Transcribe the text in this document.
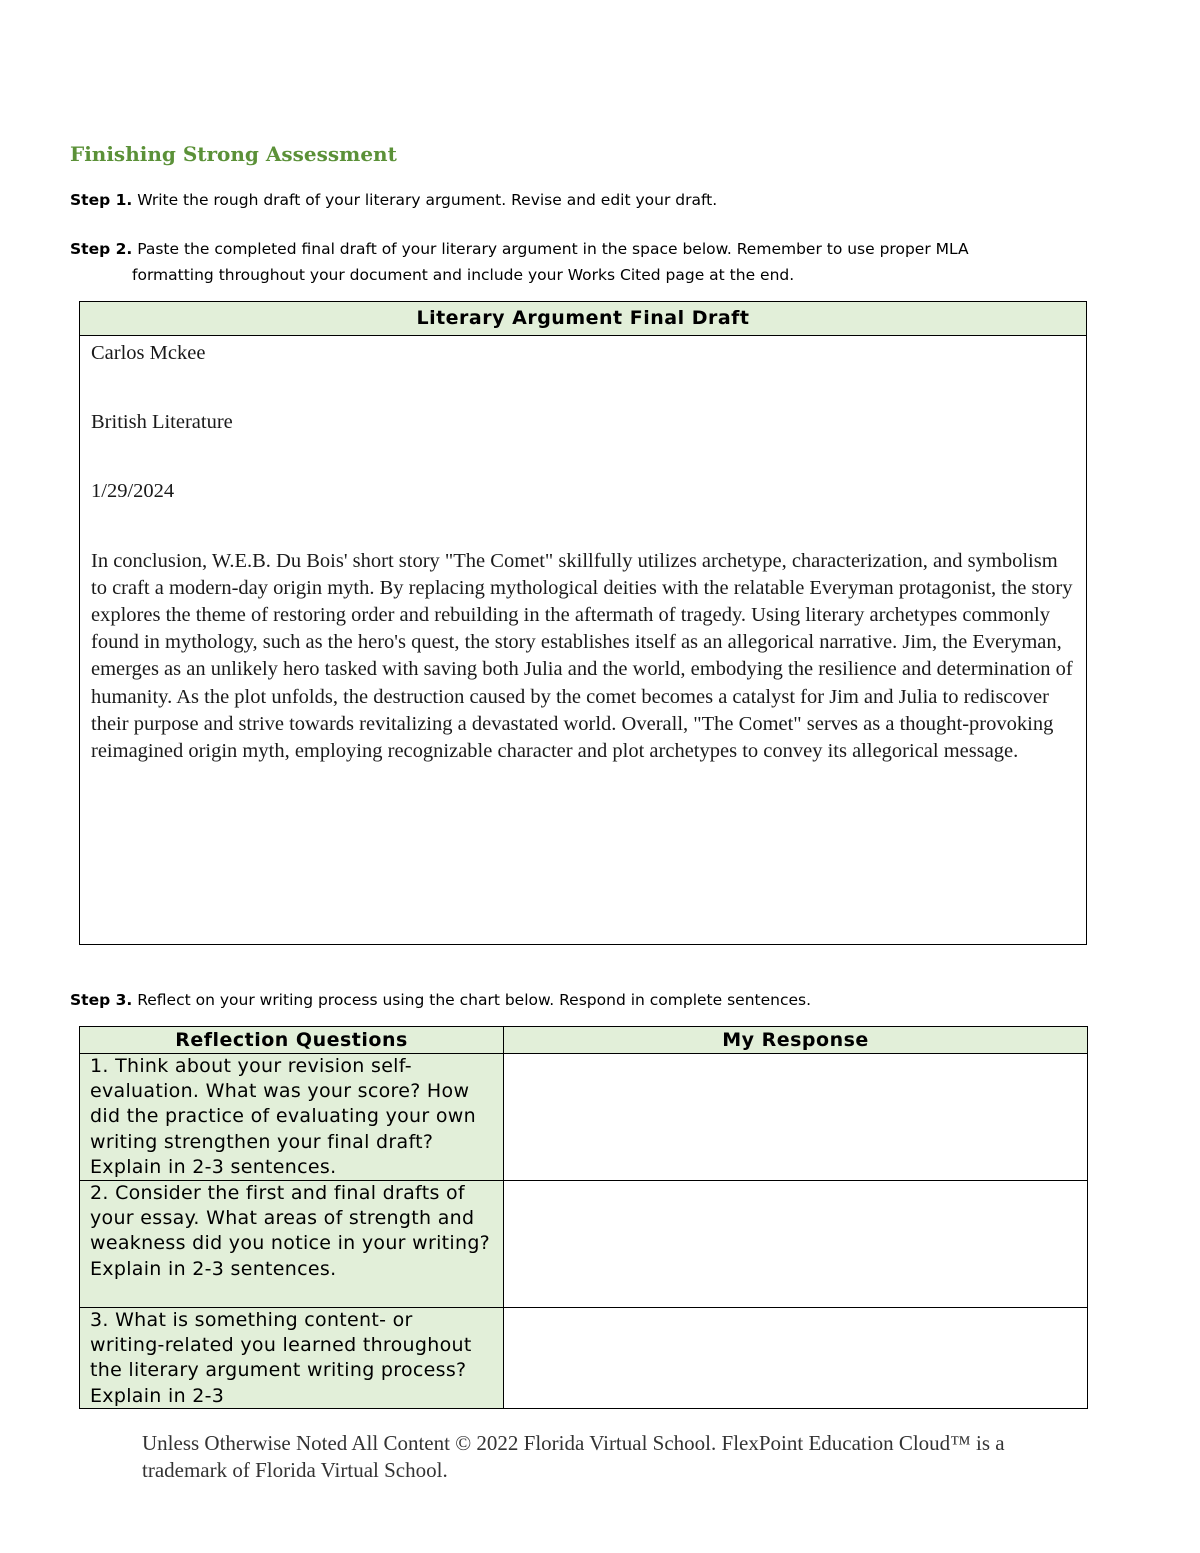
Finishing Strong Assessment
Step 1. Write the rough draft of your literary argument. Revise and edit your draft.
Step 2. Paste the completed final draft of your literary argument in the space below. Remember to use proper MLA
formatting throughout your document and include your Works Cited page at the end.
Literary Argument Final Draft
Carlos Mckee
British Literature
1/29/2024
In conclusion, W.E.B. Du Bois' short story "The Comet" skillfully utilizes archetype, characterization, and symbolism to craft a modern-day origin myth. By replacing mythological deities with the relatable Everyman protagonist, the story explores the theme of restoring order and rebuilding in the aftermath of tragedy. Using literary archetypes commonly found in mythology, such as the hero's quest, the story establishes itself as an allegorical narrative. Jim, the Everyman, emerges as an unlikely hero tasked with saving both Julia and the world, embodying the resilience and determination of humanity. As the plot unfolds, the destruction caused by the comet becomes a catalyst for Jim and Julia to rediscover their purpose and strive towards revitalizing a devastated world. Overall, "The Comet" serves as a thought-provoking reimagined origin myth, employing recognizable character and plot archetypes to convey its allegorical message.
Step 3. Reflect on your writing process using the chart below. Respond in complete sentences.
Reflection Questions	My Response
1. Think about your revision self-evaluation. What was your score? How did the practice of evaluating your own writing strengthen your final draft? Explain in 2-3 sentences.	
2. Consider the first and final drafts of your essay. What areas of strength and weakness did you notice in your writing? Explain in 2-3 sentences.	

3. What is something content- or writing-related you learned throughout the literary argument writing process? Explain in 2-3	

Unless Otherwise Noted All Content © 2022 Florida Virtual School. FlexPoint Education Cloud™ is a trademark of Florida Virtual School.
